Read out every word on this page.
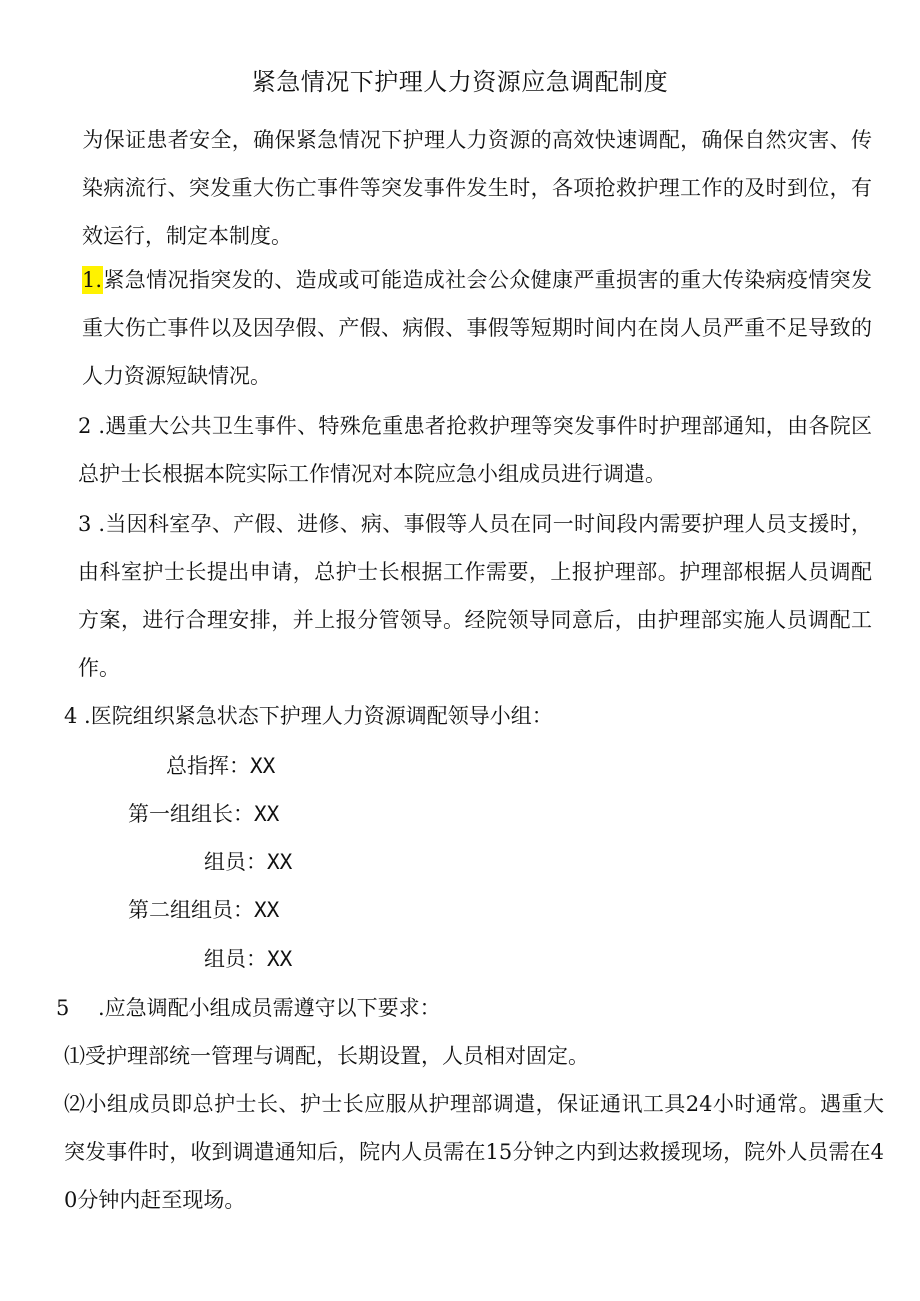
紧急情况下护理人力资源应急调配制度

为保证患者安全，确保紧急情况下护理人力资源的高效快速调配，确保自然灾害、传染病流行、突发重大伤亡事件等突发事件发生时，各项抢救护理工作的及时到位，有效运行，制定本制度。

1.紧急情况指突发的、造成或可能造成社会公众健康严重损害的重大传染病疫情突发重大伤亡事件以及因孕假、产假、病假、事假等短期时间内在岗人员严重不足导致的人力资源短缺情况。

2 .遇重大公共卫生事件、特殊危重患者抢救护理等突发事件时护理部通知，由各院区总护士长根据本院实际工作情况对本院应急小组成员进行调遣。

3 .当因科室孕、产假、进修、病、事假等人员在同一时间段内需要护理人员支援时，由科室护士长提出申请，总护士长根据工作需要，上报护理部。护理部根据人员调配方案，进行合理安排，并上报分管领导。经院领导同意后，由护理部实施人员调配工作。

4 .医院组织紧急状态下护理人力资源调配领导小组：
总指挥：XX
第一组组长：XX
组员：XX
第二组组员：XX
组员：XX
5 .应急调配小组成员需遵守以下要求：
⑴受护理部统一管理与调配，长期设置，人员相对固定。

⑵小组成员即总护士长、护士长应服从护理部调遣，保证通讯工具24小时通常。遇重大突发事件时，收到调遣通知后，院内人员需在15分钟之内到达救援现场，院外人员需在40分钟内赶至现场。
